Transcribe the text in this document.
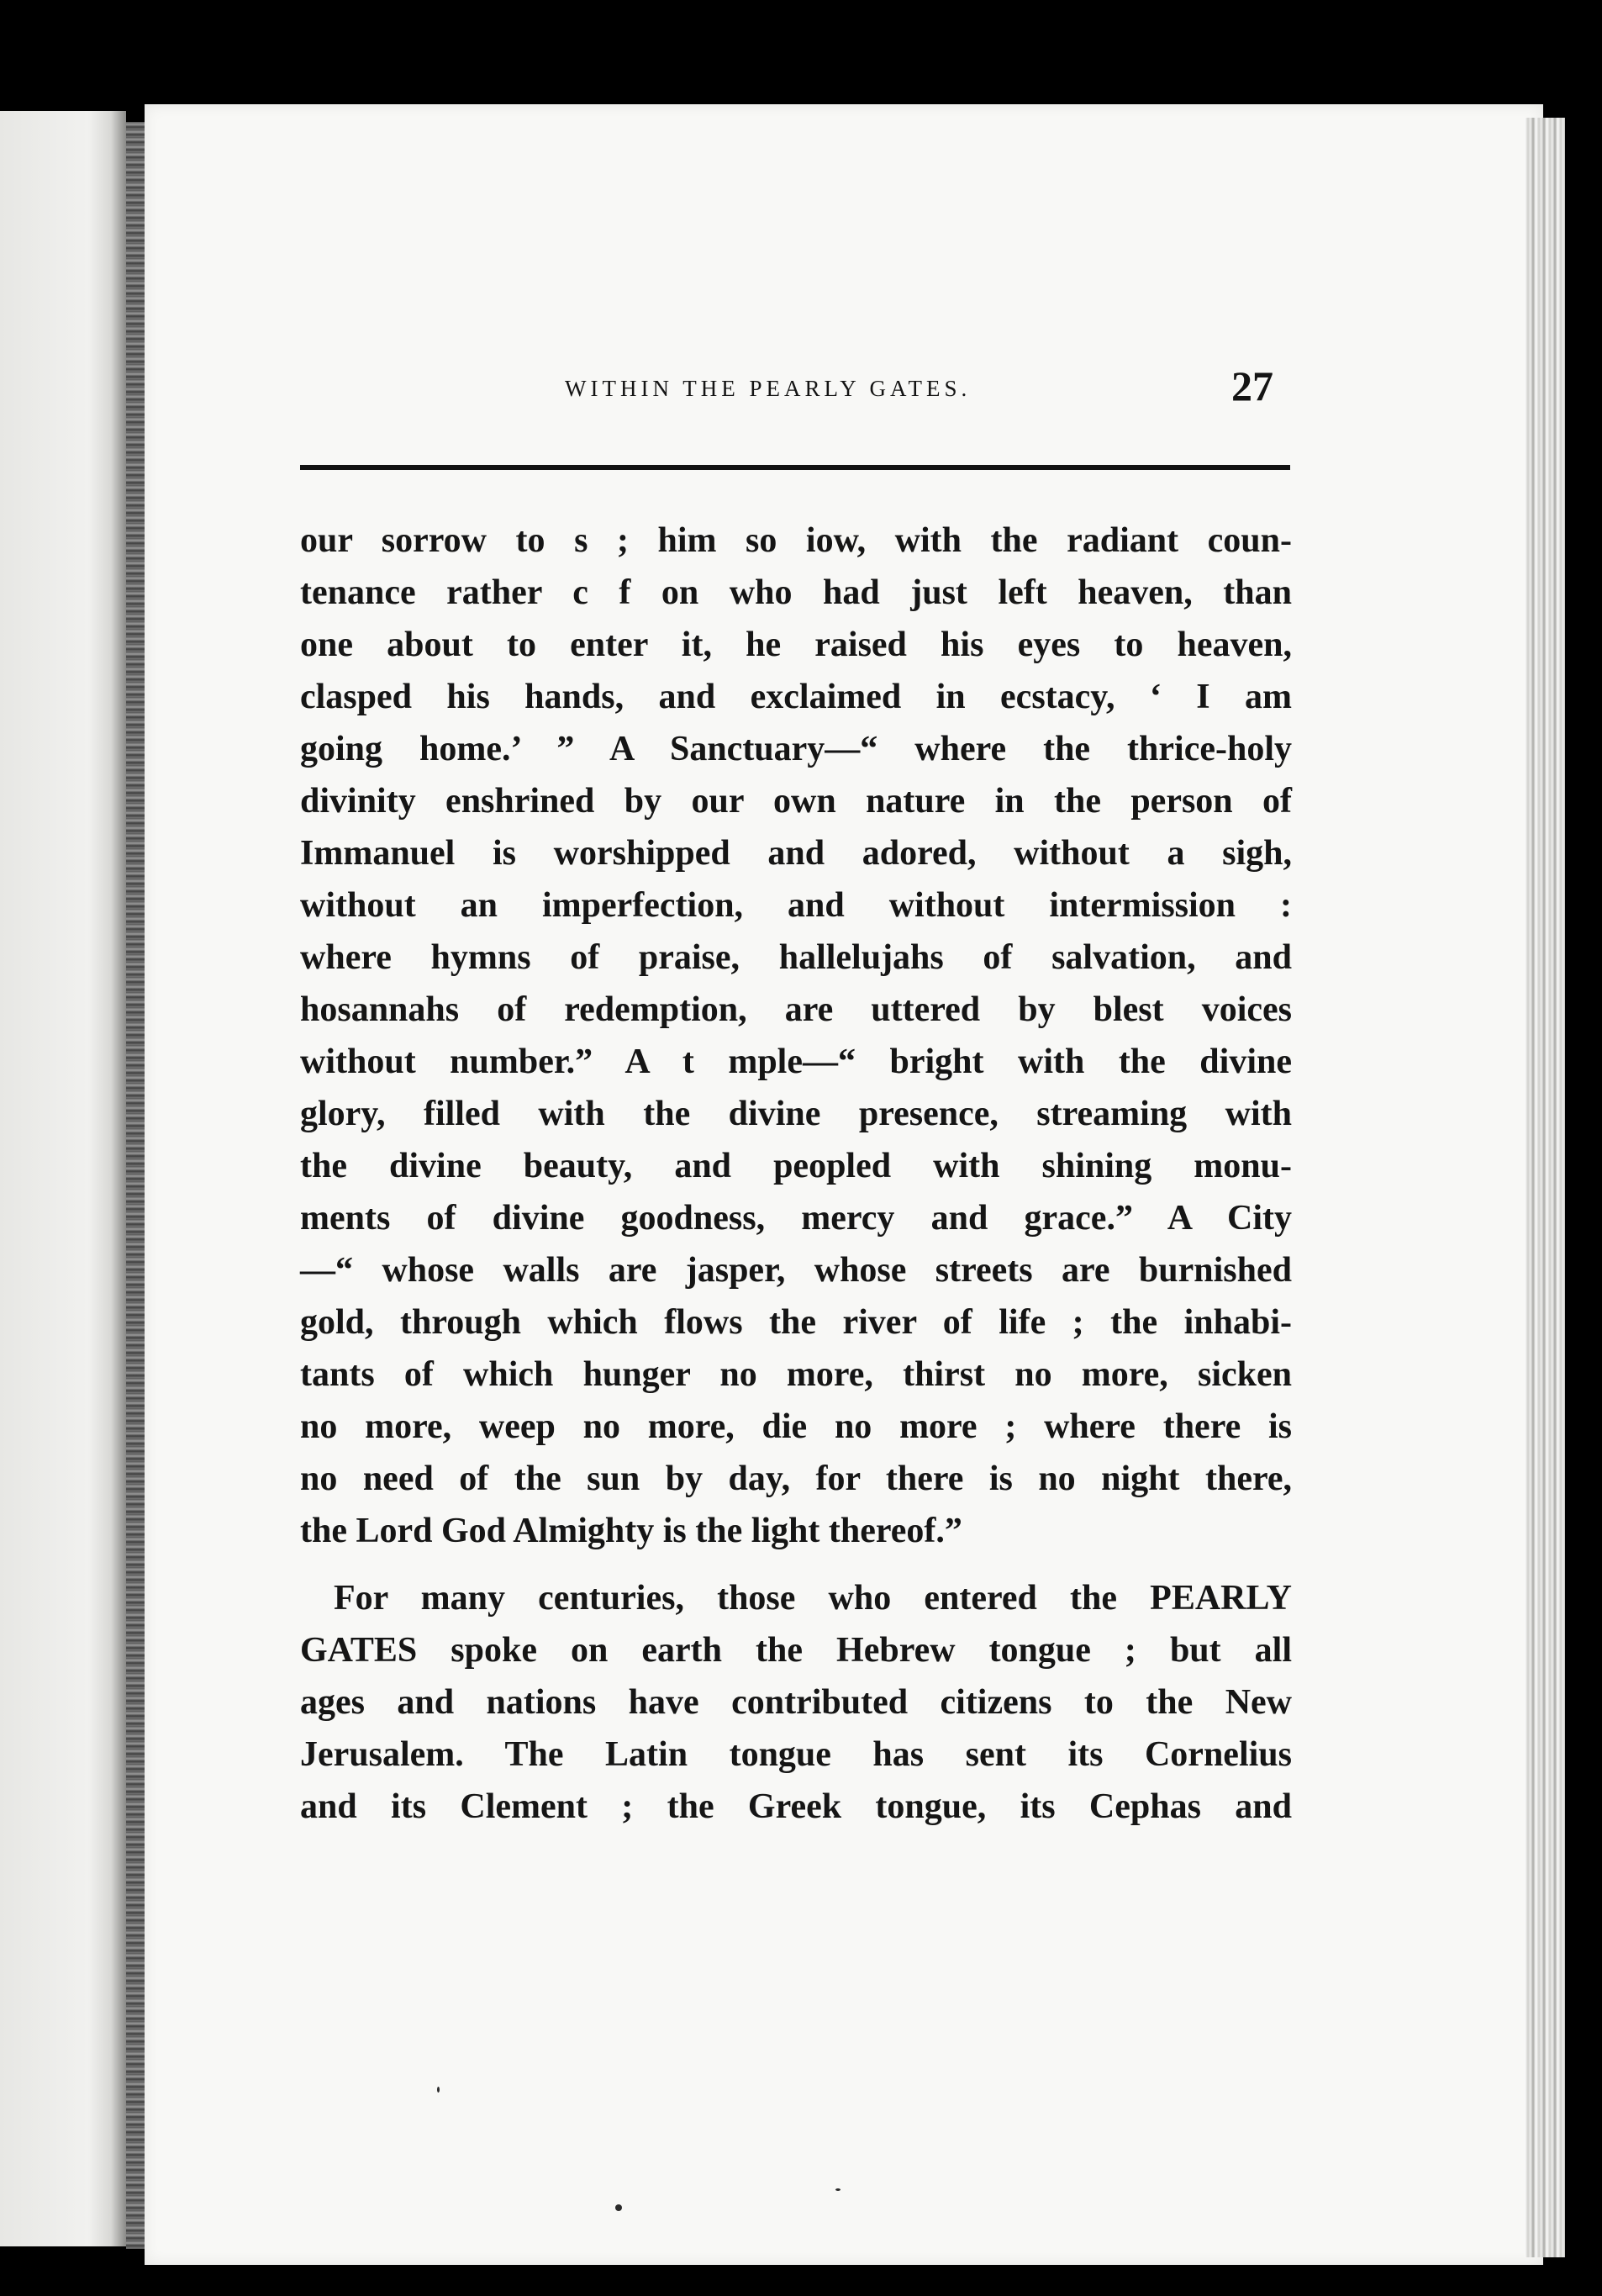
WITHIN THE PEARLY GATES.	27
our sorrow to s ; him so iow, with the radiant coun-
tenance rather c f on who had just left heaven, than
one about to enter it, he raised his eyes to heaven,
clasped his hands, and exclaimed in ecstacy, ‘ I am
going home.’ ” A Sanctuary—“ where the thrice-holy
divinity enshrined by our own nature in the person of
Immanuel is worshipped and adored, without a sigh,
without an imperfection, and without intermission :
where hymns of praise, hallelujahs of salvation, and
hosannahs of redemption, are uttered by blest voices
without number.” A t mple—“ bright with the divine
glory, filled with the divine presence, streaming with
the divine beauty, and peopled with shining monu-
ments of divine goodness, mercy and grace.” A City
—“ whose walls are jasper, whose streets are burnished
gold, through which flows the river of life ; the inhabi-
tants of which hunger no more, thirst no more, sicken
no more, weep no more, die no more ; where there is
no need of the sun by day, for there is no night there,
the Lord God Almighty is the light thereof.”
For many centuries, those who entered the PEARLY
GATES spoke on earth the Hebrew tongue ; but all
ages and nations have contributed citizens to the New
Jerusalem. The Latin tongue has sent its Cornelius
and its Clement ; the Greek tongue, its Cephas and
